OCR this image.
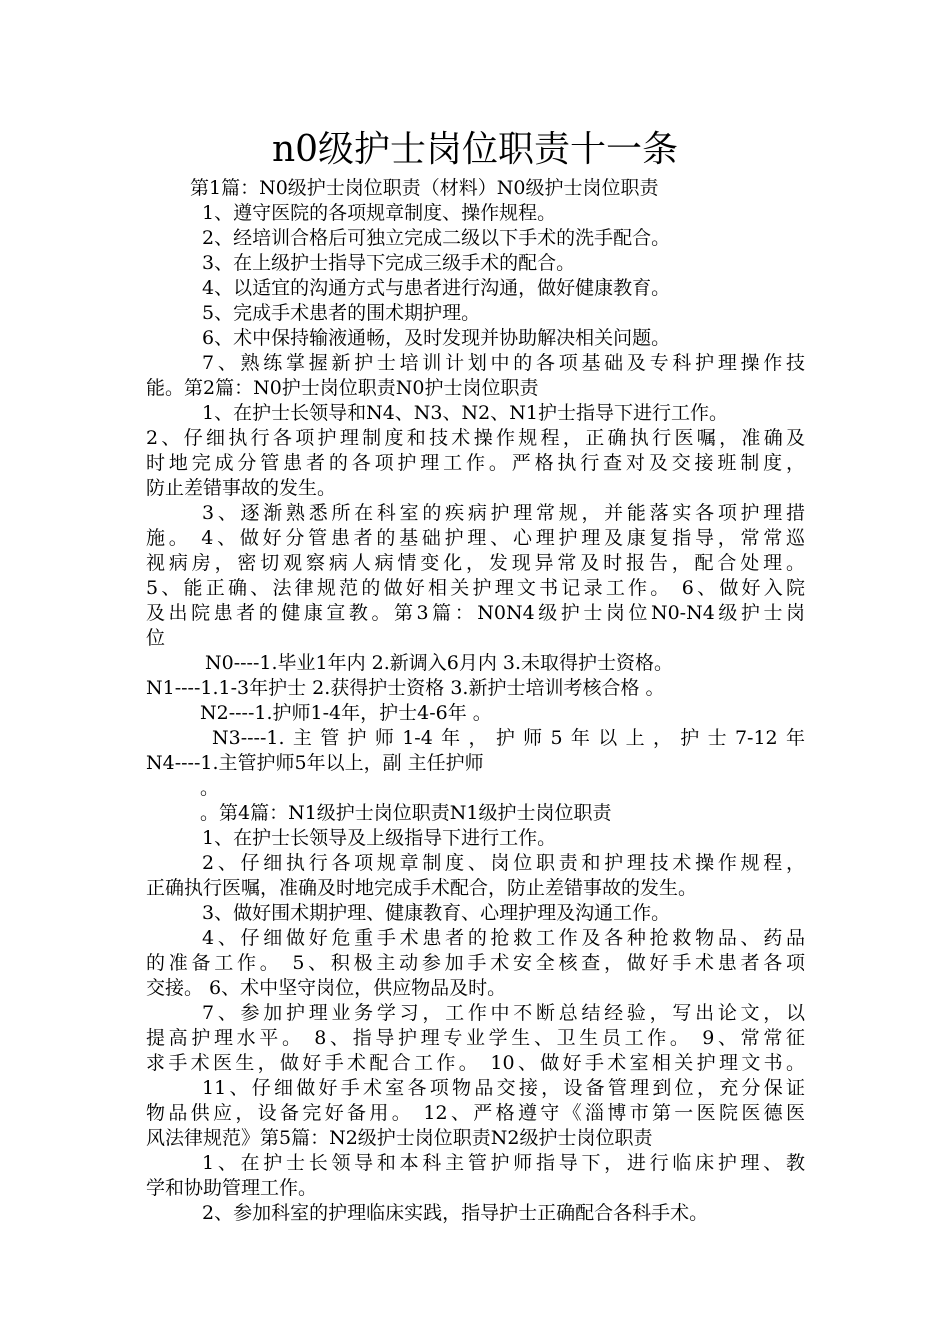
n0级护士岗位职责十一条
第1篇：N0级护士岗位职责（材料）N0级护士岗位职责
1、遵守医院的各项规章制度、操作规程。
2、经培训合格后可独立完成二级以下手术的洗手配合。
3、在上级护士指导下完成三级手术的配合。
4、以适宜的沟通方式与患者进行沟通，做好健康教育。
5、完成手术患者的围术期护理。
6、术中保持输液通畅，及时发现并协助解决相关问题。
7、熟练掌握新护士培训计划中的各项基础及专科护理操作技
能。第2篇：N0护士岗位职责N0护士岗位职责
1、在护士长领导和N4、N3、N2、N1护士指导下进行工作。
2、仔细执行各项护理制度和技术操作规程，正确执行医嘱，准确及
时地完成分管患者的各项护理工作。严格执行查对及交接班制度，
防止差错事故的发生。
3、逐渐熟悉所在科室的疾病护理常规，并能落实各项护理措
施。 4、做好分管患者的基础护理、心理护理及康复指导，常常巡
视病房，密切观察病人病情变化，发现异常及时报告，配合处理。
5、能正确、法律规范的做好相关护理文书记录工作。 6、做好入院
及出院患者的健康宣教。第3篇：N0N4级护士岗位N0-N4级护士岗
位
N0----1.毕业1年内 2.新调入6月内 3.未取得护士资格。
N1----1.1-3年护士 2.获得护士资格 3.新护士培训考核合格 。
N2----1.护师1-4年，护士4-6年 。
N3----1.主管护师1-4年，护师5年以上，护士7-12年
N4----1.主管护师5年以上，副 主任护师
。
。第4篇：N1级护士岗位职责N1级护士岗位职责
1、在护士长领导及上级指导下进行工作。
2、仔细执行各项规章制度、岗位职责和护理技术操作规程，
正确执行医嘱，准确及时地完成手术配合，防止差错事故的发生。
3、做好围术期护理、健康教育、心理护理及沟通工作。
4、仔细做好危重手术患者的抢救工作及各种抢救物品、药品
的准备工作。 5、积极主动参加手术安全核查，做好手术患者各项
交接。 6、术中坚守岗位，供应物品及时。
7、参加护理业务学习，工作中不断总结经验，写出论文，以
提高护理水平。 8、指导护理专业学生、卫生员工作。 9、常常征
求手术医生，做好手术配合工作。 10、做好手术室相关护理文书。
11、仔细做好手术室各项物品交接，设备管理到位，充分保证
物品供应，设备完好备用。 12、严格遵守《淄博市第一医院医德医
风法律规范》第5篇：N2级护士岗位职责N2级护士岗位职责
1、在护士长领导和本科主管护师指导下，进行临床护理、教
学和协助管理工作。
2、参加科室的护理临床实践，指导护士正确配合各科手术。
